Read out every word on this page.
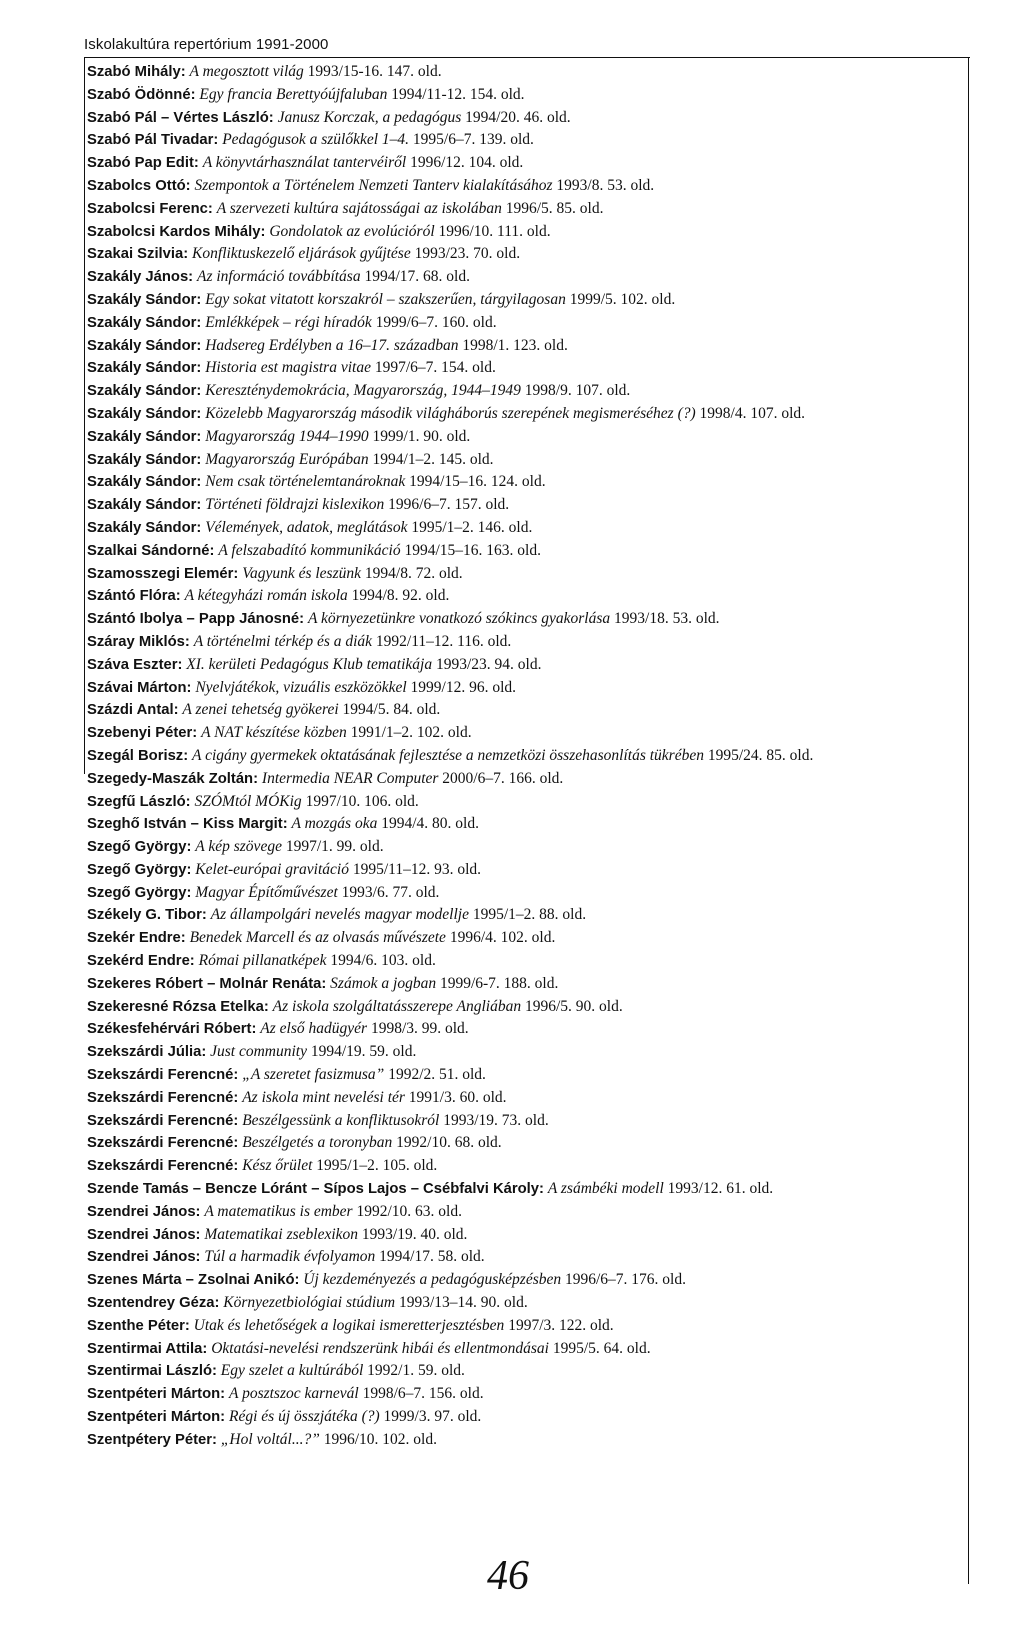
Iskolakultúra repertórium 1991-2000
Szabó Mihály: A megosztott világ 1993/15-16. 147. old.
Szabó Ödönné: Egy francia Berettyóújfaluban 1994/11-12. 154. old.
Szabó Pál – Vértes László: Janusz Korczak, a pedagógus 1994/20. 46. old.
Szabó Pál Tivadar: Pedagógusok a szülőkkel 1–4. 1995/6–7. 139. old.
Szabó Pap Edit: A könyvtárhasználat tantervéiről 1996/12. 104. old.
Szabolcs Ottó: Szempontok a Történelem Nemzeti Tanterv kialakításához 1993/8. 53. old.
Szabolcsi Ferenc: A szervezeti kultúra sajátosságai az iskolában 1996/5. 85. old.
Szabolcsi Kardos Mihály: Gondolatok az evolúcióról 1996/10. 111. old.
Szakai Szilvia: Konfliktuskezelő eljárások gyűjtése 1993/23. 70. old.
Szakály János: Az információ továbbítása 1994/17. 68. old.
Szakály Sándor: Egy sokat vitatott korszakról – szakszerűen, tárgyilagosan 1999/5. 102. old.
Szakály Sándor: Emlékképek – régi híradók 1999/6–7. 160. old.
Szakály Sándor: Hadsereg Erdélyben a 16–17. században 1998/1. 123. old.
Szakály Sándor: Historia est magistra vitae 1997/6–7. 154. old.
Szakály Sándor: Kereszténydemokrácia, Magyarország, 1944–1949 1998/9. 107. old.
Szakály Sándor: Közelebb Magyarország második világháborús szerepének megismeréséhez (?) 1998/4. 107. old.
Szakály Sándor: Magyarország 1944–1990 1999/1. 90. old.
Szakály Sándor: Magyarország Európában 1994/1–2. 145. old.
Szakály Sándor: Nem csak történelemtanároknak 1994/15–16. 124. old.
Szakály Sándor: Történeti földrajzi kislexikon 1996/6–7. 157. old.
Szakály Sándor: Vélemények, adatok, meglátások 1995/1–2. 146. old.
Szalkai Sándorné: A felszabadító kommunikáció 1994/15–16. 163. old.
Szamosszegi Elemér: Vagyunk és leszünk 1994/8. 72. old.
Szántó Flóra: A kétegyházi román iskola 1994/8. 92. old.
Szántó Ibolya – Papp Jánosné: A környezetünkre vonatkozó szókincs gyakorlása 1993/18. 53. old.
Száray Miklós: A történelmi térkép és a diák 1992/11–12. 116. old.
Száva Eszter: XI. kerületi Pedagógus Klub tematikája 1993/23. 94. old.
Szávai Márton: Nyelvjátékok, vizuális eszközökkel 1999/12. 96. old.
Százdi Antal: A zenei tehetség gyökerei 1994/5. 84. old.
Szebenyi Péter: A NAT készítése közben 1991/1–2. 102. old.
Szegál Borisz: A cigány gyermekek oktatásának fejlesztése a nemzetközi összehasonlítás tükrében 1995/24. 85. old.
Szegedy-Maszák Zoltán: Intermedia NEAR Computer 2000/6–7. 166. old.
Szegfű László: SZÓMtól MÓKig 1997/10. 106. old.
Szeghő István – Kiss Margit: A mozgás oka 1994/4. 80. old.
Szegő György: A kép szövege 1997/1. 99. old.
Szegő György: Kelet-európai gravitáció 1995/11–12. 93. old.
Szegő György: Magyar Építőművészet 1993/6. 77. old.
Székely G. Tibor: Az állampolgári nevelés magyar modellje 1995/1–2. 88. old.
Szekér Endre: Benedek Marcell és az olvasás művészete 1996/4. 102. old.
Szekérd Endre: Római pillanatképek 1994/6. 103. old.
Szekeres Róbert – Molnár Renáta: Számok a jogban 1999/6-7. 188. old.
Szekeresné Rózsa Etelka: Az iskola szolgáltatásszerepe Angliában 1996/5. 90. old.
Székesfehérvári Róbert: Az első hadügyér 1998/3. 99. old.
Szekszárdi Júlia: Just community 1994/19. 59. old.
Szekszárdi Ferencné: „A szeretet fasizmusa” 1992/2. 51. old.
Szekszárdi Ferencné: Az iskola mint nevelési tér 1991/3. 60. old.
Szekszárdi Ferencné: Beszélgessünk a konfliktusokról 1993/19. 73. old.
Szekszárdi Ferencné: Beszélgetés a toronyban 1992/10. 68. old.
Szekszárdi Ferencné: Kész őrület 1995/1–2. 105. old.
Szende Tamás – Bencze Lóránt – Sípos Lajos – Csébfalvi Károly: A zsámbéki modell 1993/12. 61. old.
Szendrei János: A matematikus is ember 1992/10. 63. old.
Szendrei János: Matematikai zseblexikon 1993/19. 40. old.
Szendrei János: Túl a harmadik évfolyamon 1994/17. 58. old.
Szenes Márta – Zsolnai Anikó: Új kezdeményezés a pedagógusképzésben 1996/6–7. 176. old.
Szentendrey Géza: Környezetbiológiai stúdium 1993/13–14. 90. old.
Szenthe Péter: Utak és lehetőségek a logikai ismeretterjesztésben 1997/3. 122. old.
Szentirmai Attila: Oktatási-nevelési rendszerünk hibái és ellentmondásai 1995/5. 64. old.
Szentirmai László: Egy szelet a kultúrából 1992/1. 59. old.
Szentpéteri Márton: A posztszoc karnevál 1998/6–7. 156. old.
Szentpéteri Márton: Régi és új összjátéka (?) 1999/3. 97. old.
Szentpétery Péter: „Hol voltál...?” 1996/10. 102. old.
46
